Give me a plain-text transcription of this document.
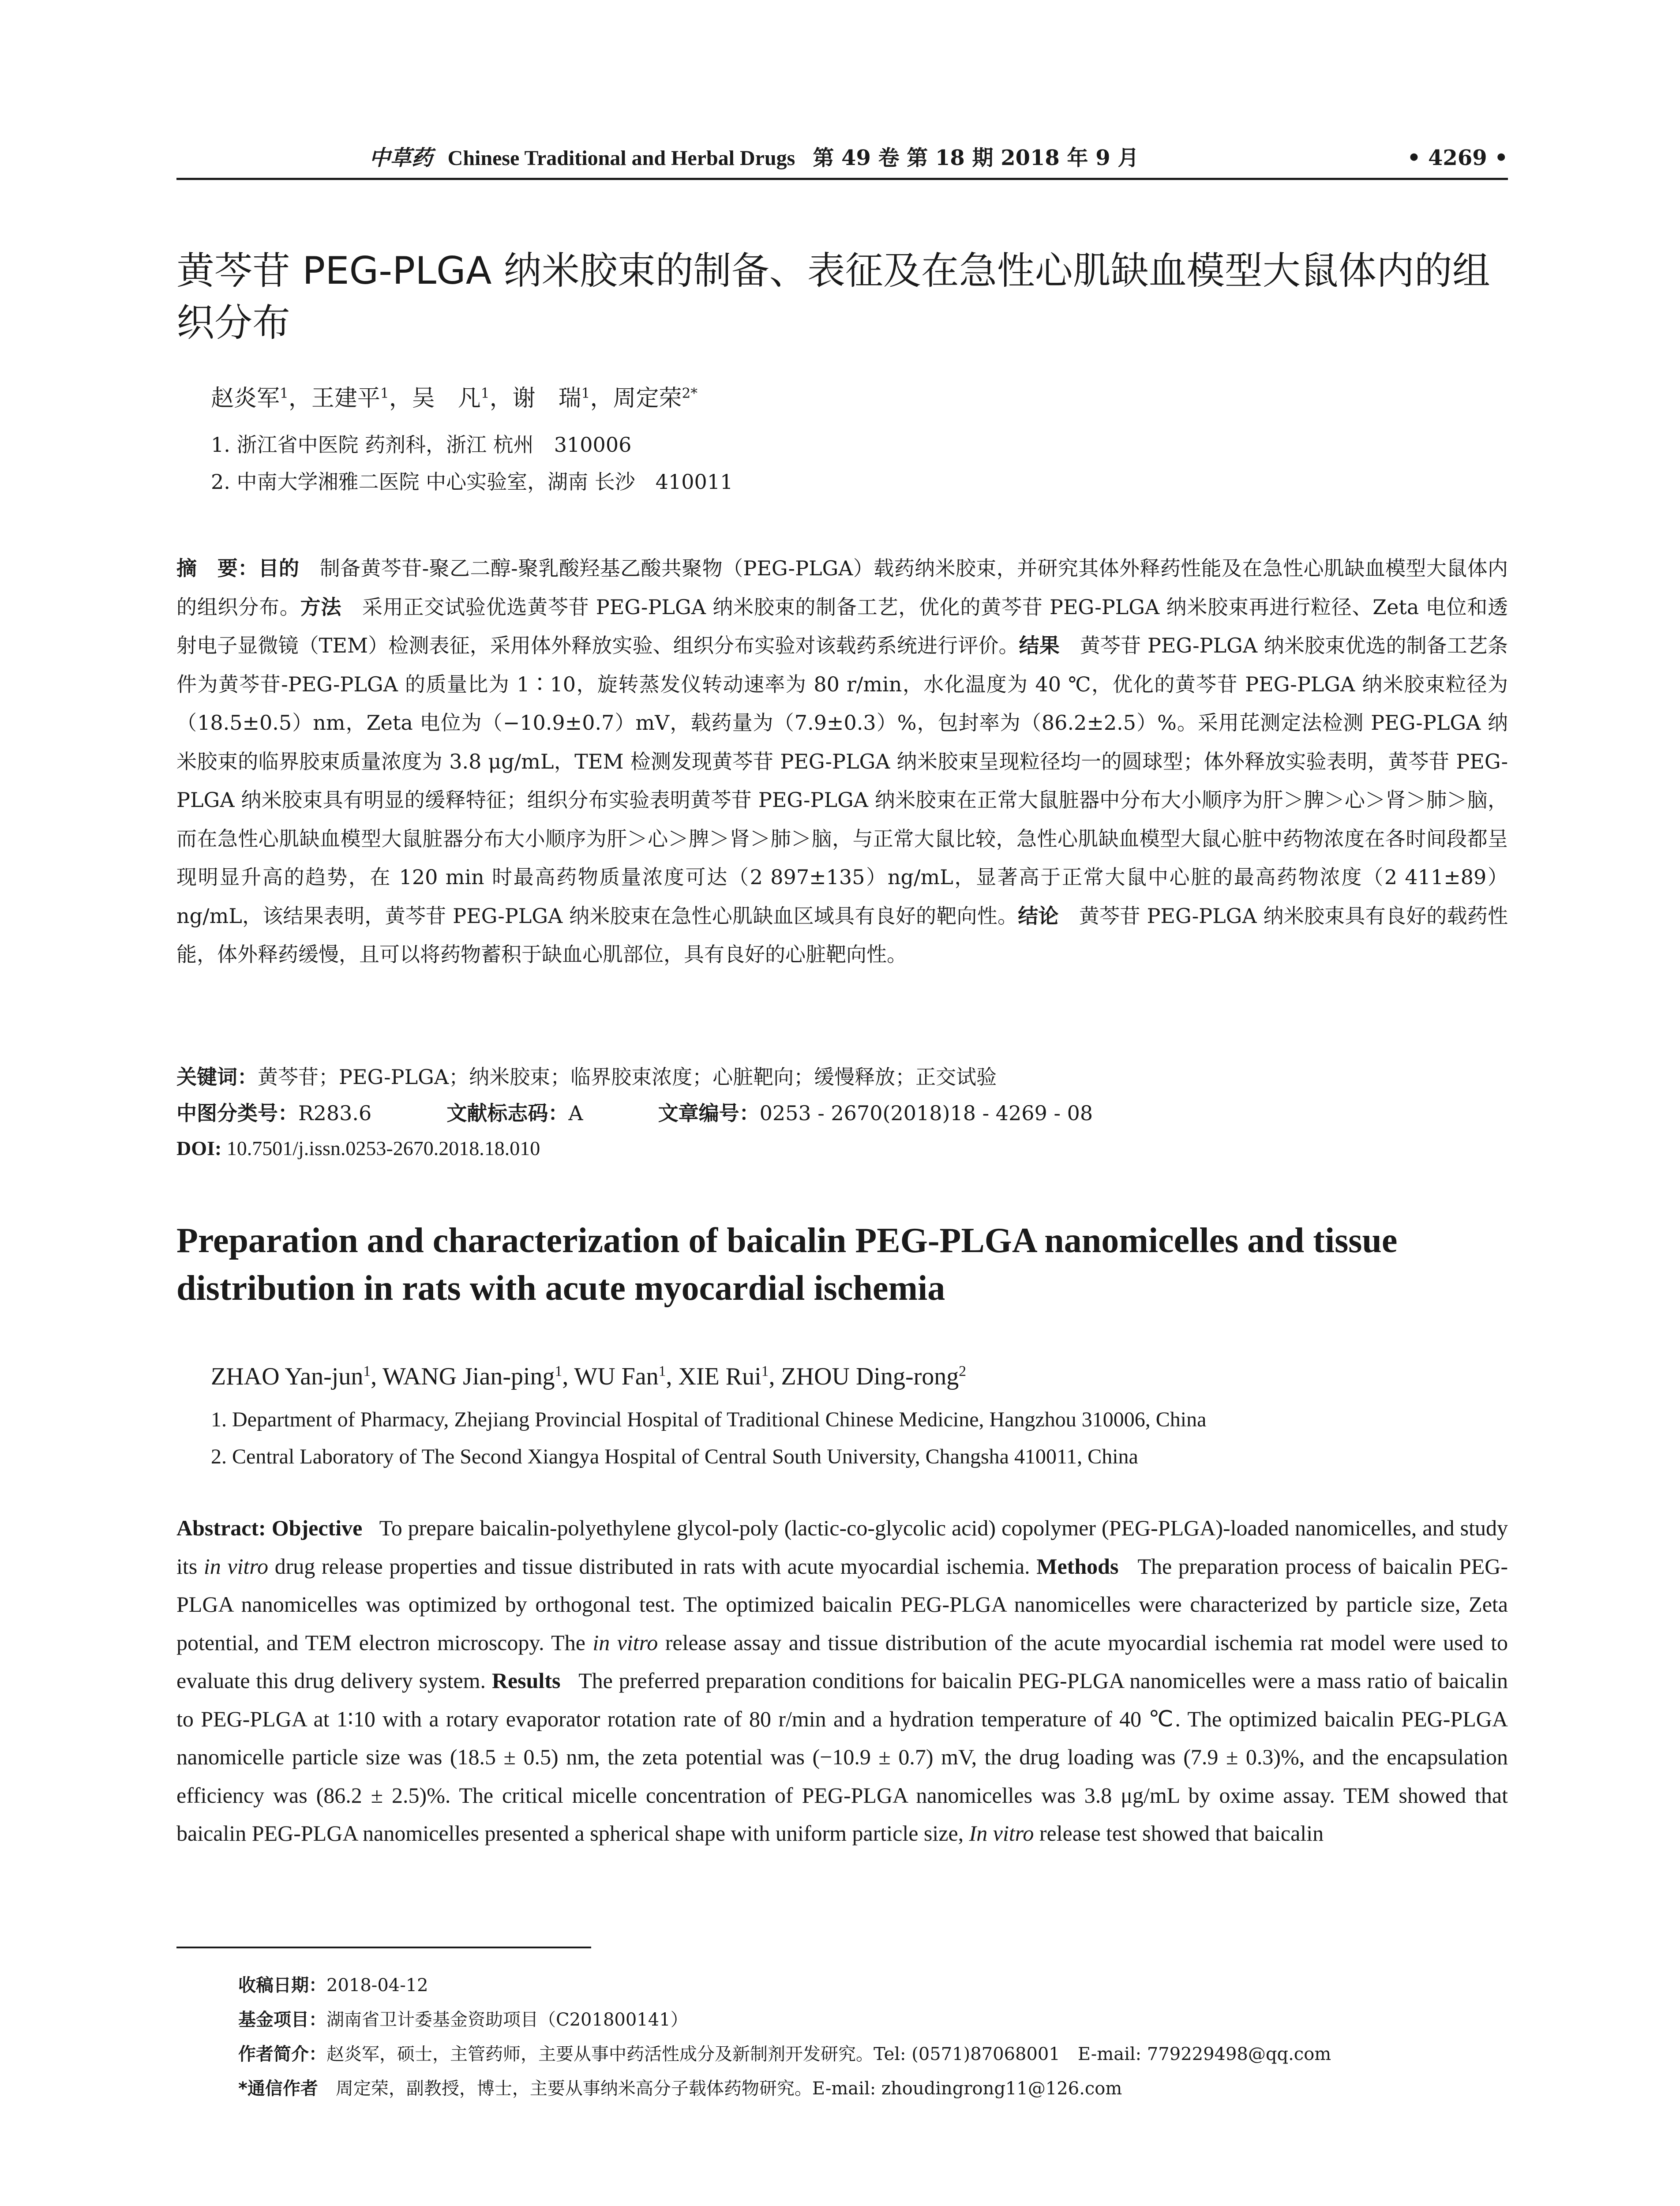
中草药 Chinese Traditional and Herbal Drugs 第 49 卷 第 18 期 2018 年 9 月	• 4269 •
黄芩苷 PEG-PLGA 纳米胶束的制备、表征及在急性心肌缺血模型大鼠体内的组织分布
赵炎军$^1$，王建平$^1$，吴　凡$^1$，谢　瑞$^1$，周定荣$^{2*}$
1. 浙江省中医院 药剂科，浙江 杭州　310006
2. 中南大学湘雅二医院 中心实验室，湖南 长沙　410011

摘　要：目的　 制备黄芩苷-聚乙二醇-聚乳酸羟基乙酸共聚物（PEG-PLGA）载药纳米胶束，并研究其体外释药性能及在急性心肌缺血模型大鼠体内的组织分布。方法　 采用正交试验优选黄芩苷 PEG-PLGA 纳米胶束的制备工艺，优化的黄芩苷 PEG-PLGA 纳米胶束再进行粒径、Zeta 电位和透射电子显微镜（TEM）检测表征，采用体外释放实验、组织分布实验对该载药系统进行评价。结果　 黄芩苷 PEG-PLGA 纳米胶束优选的制备工艺条件为黄芩苷-PEG-PLGA 的质量比为 1∶10，旋转蒸发仪转动速率为 80 r/min，水化温度为 40 ℃，优化的黄芩苷 PEG-PLGA 纳米胶束粒径为（18.5±0.5）nm，Zeta 电位为（−10.9±0.7）mV，载药量为（7.9±0.3）%，包封率为（86.2±2.5）%。采用芘测定法检测 PEG-PLGA 纳米胶束的临界胶束质量浓度为 3.8 μg/mL，TEM 检测发现黄芩苷 PEG-PLGA 纳米胶束呈现粒径均一的圆球型；体外释放实验表明，黄芩苷 PEG-PLGA 纳米胶束具有明显的缓释特征；组织分布实验表明黄芩苷 PEG-PLGA 纳米胶束在正常大鼠脏器中分布大小顺序为肝＞脾＞心＞肾＞肺＞脑，而在急性心肌缺血模型大鼠脏器分布大小顺序为肝＞心＞脾＞肾＞肺＞脑，与正常大鼠比较，急性心肌缺血模型大鼠心脏中药物浓度在各时间段都呈现明显升高的趋势，在 120 min 时最高药物质量浓度可达（2 897±135）ng/mL，显著高于正常大鼠中心脏的最高药物浓度（2 411±89）ng/mL，该结果表明，黄芩苷 PEG-PLGA 纳米胶束在急性心肌缺血区域具有良好的靶向性。结论　 黄芩苷 PEG-PLGA 纳米胶束具有良好的载药性能，体外释药缓慢，且可以将药物蓄积于缺血心肌部位，具有良好的心脏靶向性。

关键词：黄芩苷；PEG-PLGA；纳米胶束；临界胶束浓度；心脏靶向；缓慢释放；正交试验
中图分类号：R283.6	文献标志码：A	文章编号：0253 - 2670(2018)18 - 4269 - 08
DOI: 10.7501/j.issn.0253-2670.2018.18.010
Preparation and characterization of baicalin PEG-PLGA nanomicelles and tissue distribution in rats with acute myocardial ischemia
ZHAO Yan-jun$^1$, WANG Jian-ping$^1$, WU Fan$^1$, XIE Rui$^1$, ZHOU Ding-rong$^2$
1. Department of Pharmacy, Zhejiang Provincial Hospital of Traditional Chinese Medicine, Hangzhou 310006, China
2. Central Laboratory of The Second Xiangya Hospital of Central South University, Changsha 410011, China

Abstract: Objective To prepare baicalin-polyethylene glycol-poly (lactic-co-glycolic acid) copolymer (PEG-PLGA)-loaded nanomicelles, and study its in vitro drug release properties and tissue distributed in rats with acute myocardial ischemia. Methods The preparation process of baicalin PEG-PLGA nanomicelles was optimized by orthogonal test. The optimized baicalin PEG-PLGA nanomicelles were characterized by particle size, Zeta potential, and TEM electron microscopy. The in vitro release assay and tissue distribution of the acute myocardial ischemia rat model were used to evaluate this drug delivery system. Results The preferred preparation conditions for baicalin PEG-PLGA nanomicelles were a mass ratio of baicalin to PEG-PLGA at 1∶10 with a rotary evaporator rotation rate of 80 r/min and a hydration temperature of 40 ℃. The optimized baicalin PEG-PLGA nanomicelle particle size was (18.5 ± 0.5) nm, the zeta potential was (−10.9 ± 0.7) mV, the drug loading was (7.9 ± 0.3)%, and the encapsulation efficiency was (86.2 ± 2.5)%. The critical micelle concentration of PEG-PLGA nanomicelles was 3.8 μg/mL by oxime assay. TEM showed that baicalin PEG-PLGA nanomicelles presented a spherical shape with uniform particle size, In vitro release test showed that baicalin

收稿日期：2018-04-12
基金项目：湖南省卫计委基金资助项目（C201800141）
作者简介：赵炎军，硕士，主管药师，主要从事中药活性成分及新制剂开发研究。Tel: (0571)87068001　E-mail: 779229498@qq.com
*通信作者　周定荣，副教授，博士，主要从事纳米高分子载体药物研究。E-mail: zhoudingrong11@126.com
